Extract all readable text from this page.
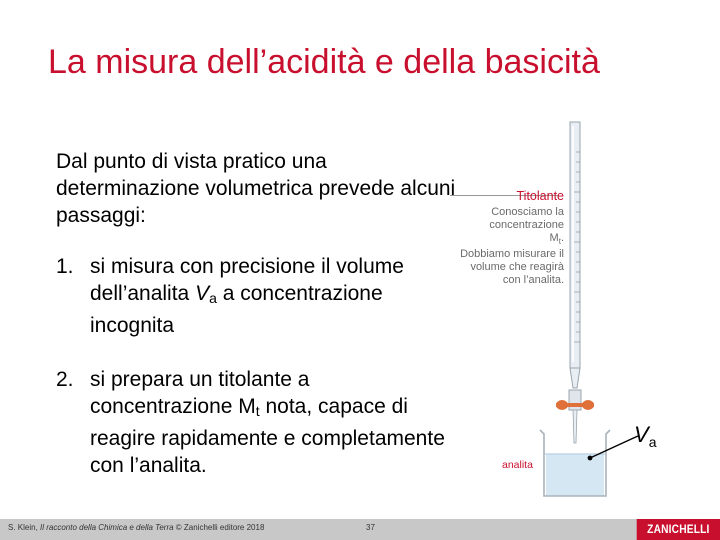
La misura dell’acidità e della basicità
Dal punto di vista pratico una determinazione volumetrica prevede alcuni passaggi:
1. si misura con precisione il volume dell’analita $V_a$ a concentrazione incognita
2. si prepara un titolante a concentrazione $M_t$ nota, capace di reagire rapidamente e completamente con l’analita.
Titolante
Conosciamo la concentrazione
$M_t$.
Dobbiamo misurare il volume che reagirà con l’analita.
analita
$V_a$
S. Klein, Il racconto della Chimica e della Terra © Zanichelli editore 2018	37	ZANICHELLI
